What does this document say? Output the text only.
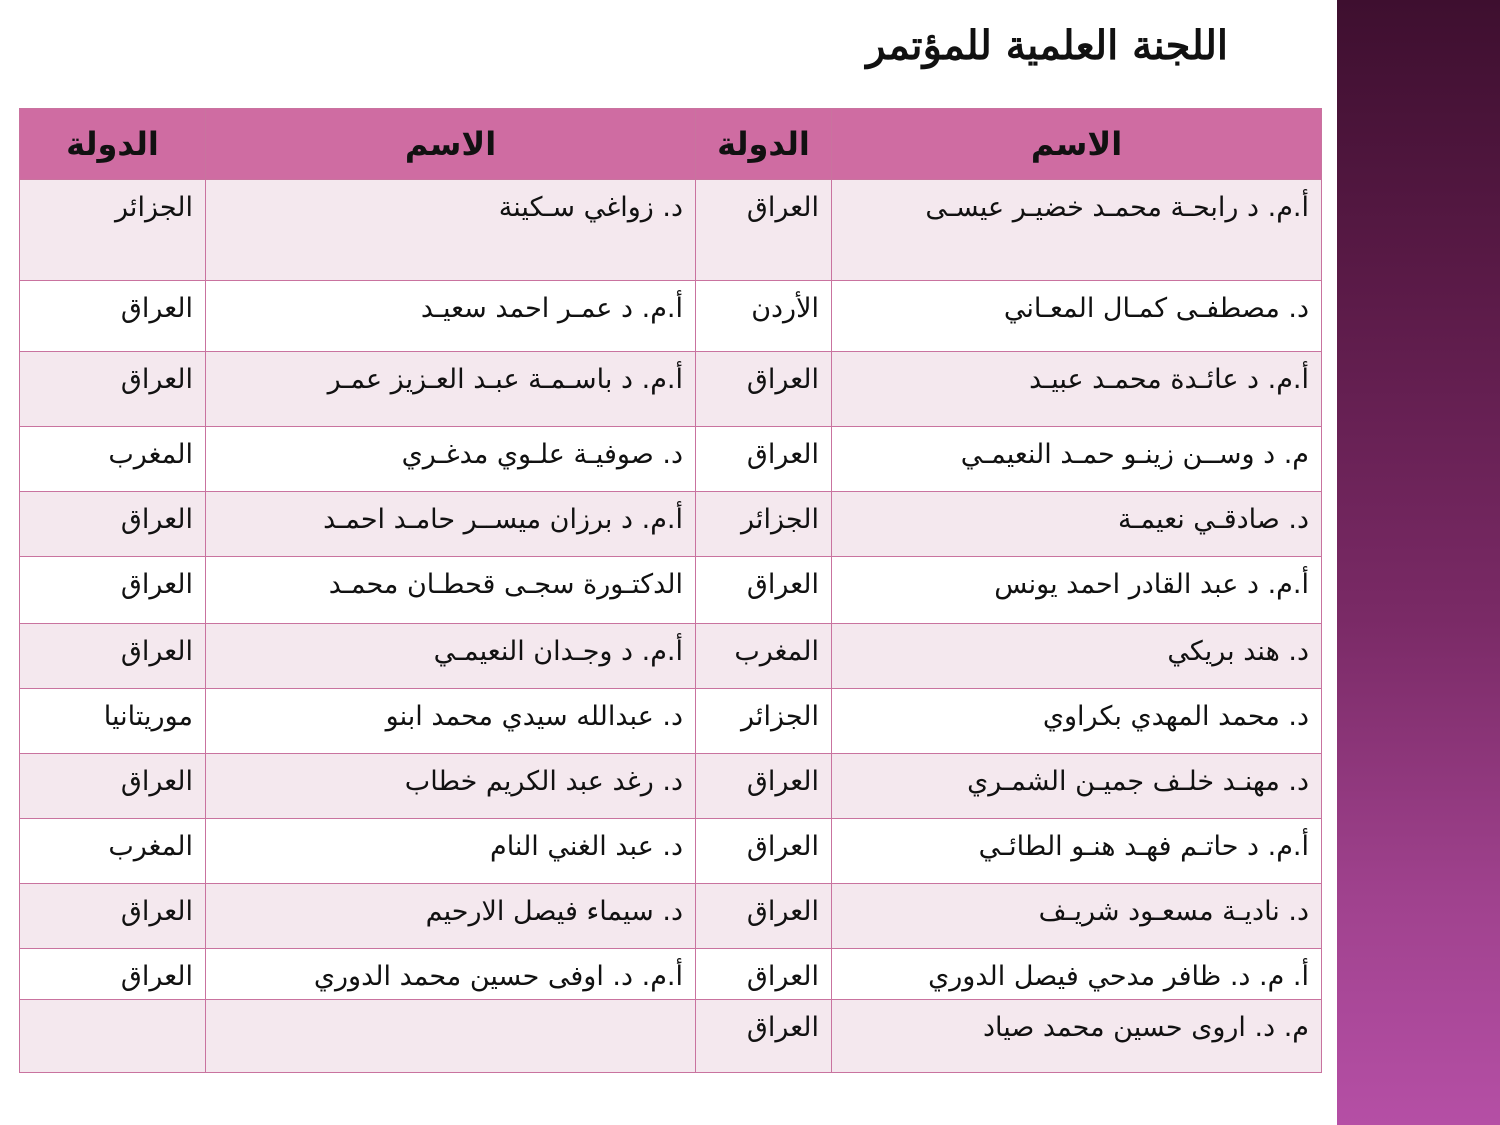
اللجنة العلمية للمؤتمر
الاسم	الدولة	الاسم	الدولة
أ.م. د رابحـة محمـد خضيـر عيسـى	العراق	د. زواغي سـكينة	الجزائر
د. مصطفـى كمـال المعـاني	الأردن	أ.م. د عمـر احمد سعيـد	العراق
أ.م. د عائـدة محمـد عبيـد	العراق	أ.م. د باسـمـة عبـد العـزيز عمـر	العراق
م. د وســن زينـو حمـد النعيمـي	العراق	د. صوفيـة علـوي مدغـري	المغرب
د. صادقـي نعيمـة	الجزائر	أ.م. د برزان ميســر حامـد احمـد	العراق
أ.م. د عبد القادر احمد يونس	العراق	الدكتـورة سجـى قحطـان محمـد	العراق
د. هند بريكي	المغرب	أ.م. د وجـدان النعيمـي	العراق
د. محمد المهدي بكراوي	الجزائر	د. عبدالله سيدي محمد ابنو	موريتانيا
د. مهنـد خلـف جميـن الشمـري	العراق	د. رغد عبد الكريم خطاب	العراق
أ.م. د حاتـم فهـد هنـو الطائـي	العراق	د. عبد الغني النام	المغرب
د. ناديـة مسعـود شريـف	العراق	د. سيماء فيصل الارحيم	العراق
أ. م. د. ظافر مدحي فيصل الدوري	العراق	أ.م. د. اوفى حسين محمد الدوري	العراق
م. د. اروى حسين محمد صياد	العراق		
